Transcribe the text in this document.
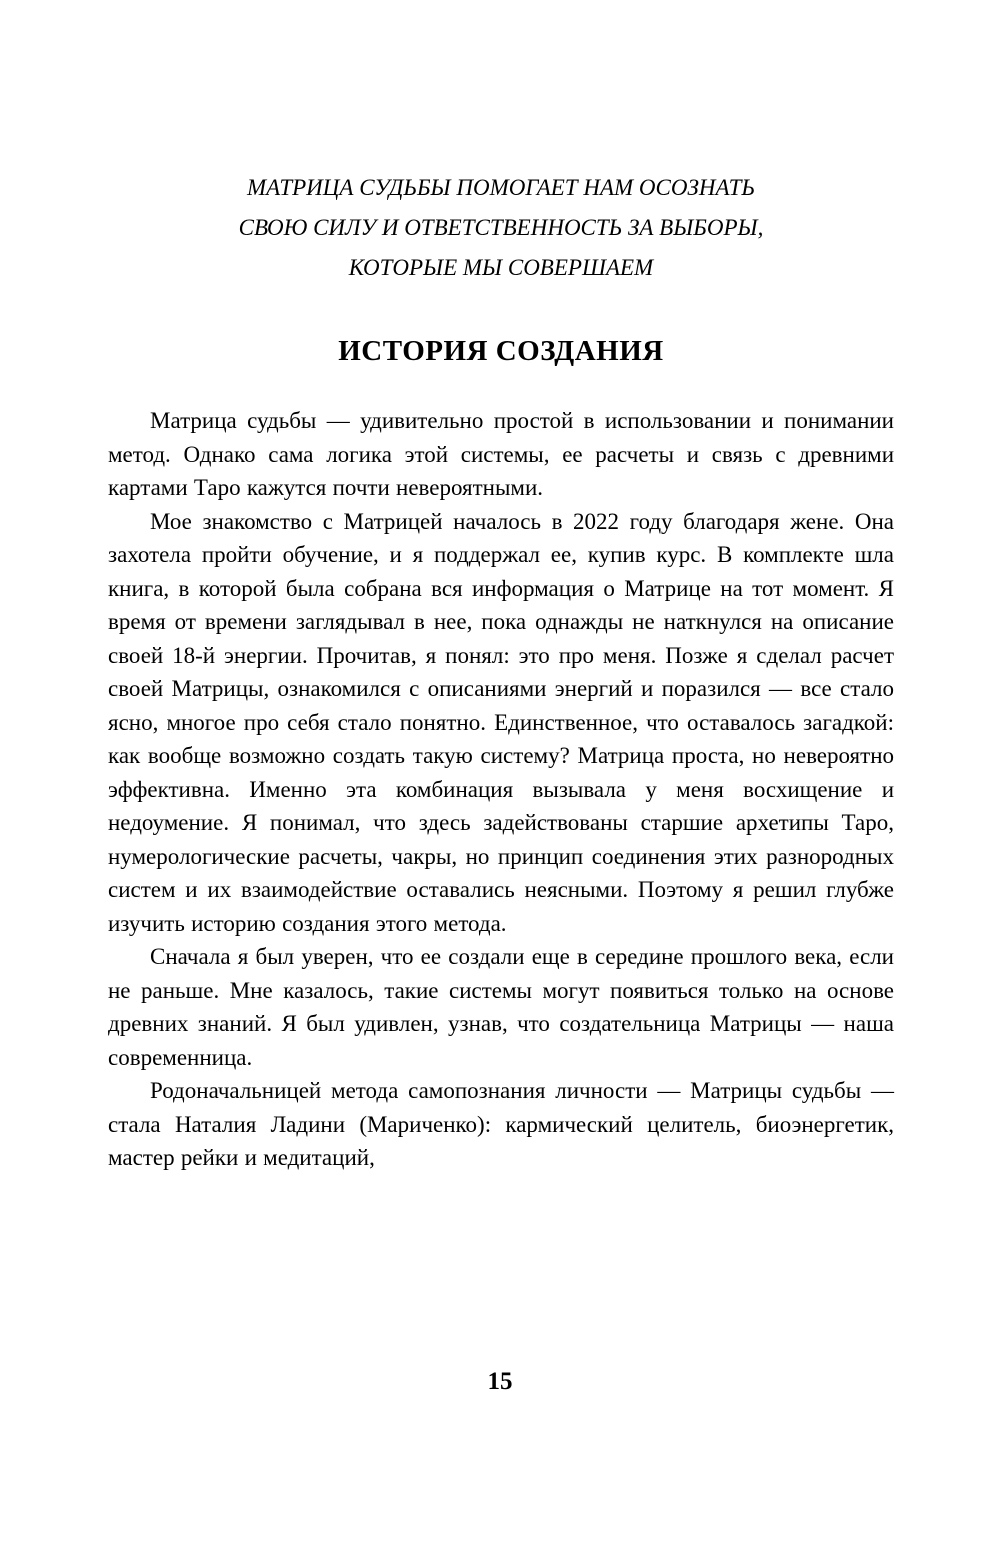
МАТРИЦА СУДЬБЫ ПОМОГАЕТ НАМ ОСОЗНАТЬ
СВОЮ СИЛУ И ОТВЕТСТВЕННОСТЬ ЗА ВЫБОРЫ,
КОТОРЫЕ МЫ СОВЕРШАЕМ
ИСТОРИЯ СОЗДАНИЯ

Матрица судьбы — удивительно простой в использовании и понимании метод. Однако сама логика этой системы, ее расчеты и связь с древними картами Таро кажутся почти невероятными.

Мое знакомство с Матрицей началось в 2022 году благодаря жене. Она захотела пройти обучение, и я поддержал ее, купив курс. В комплекте шла книга, в которой была собрана вся информация о Матрице на тот момент. Я время от времени заглядывал в нее, пока однажды не наткнулся на описание своей 18-й энергии. Прочитав, я понял: это про меня. Позже я сделал расчет своей Матрицы, ознакомился с описаниями энергий и поразился — все стало ясно, многое про себя стало понятно. Единственное, что оставалось загадкой: как вообще возможно создать такую систему? Матрица проста, но невероятно эффективна. Именно эта комбинация вызывала у меня восхищение и недоумение. Я понимал, что здесь задействованы старшие архетипы Таро, нумерологические расчеты, чакры, но принцип соединения этих разнородных систем и их взаимодействие оставались неясными. Поэтому я решил глубже изучить историю создания этого метода.

Сначала я был уверен, что ее создали еще в середине прошлого века, если не раньше. Мне казалось, такие системы могут появиться только на основе древних знаний. Я был удивлен, узнав, что создательница Матрицы — наша современница.

Родоначальницей метода самопознания личности — Матрицы судьбы — стала Наталия Ладини (Мариченко): кармический целитель, биоэнергетик, мастер рейки и медитаций,

15
